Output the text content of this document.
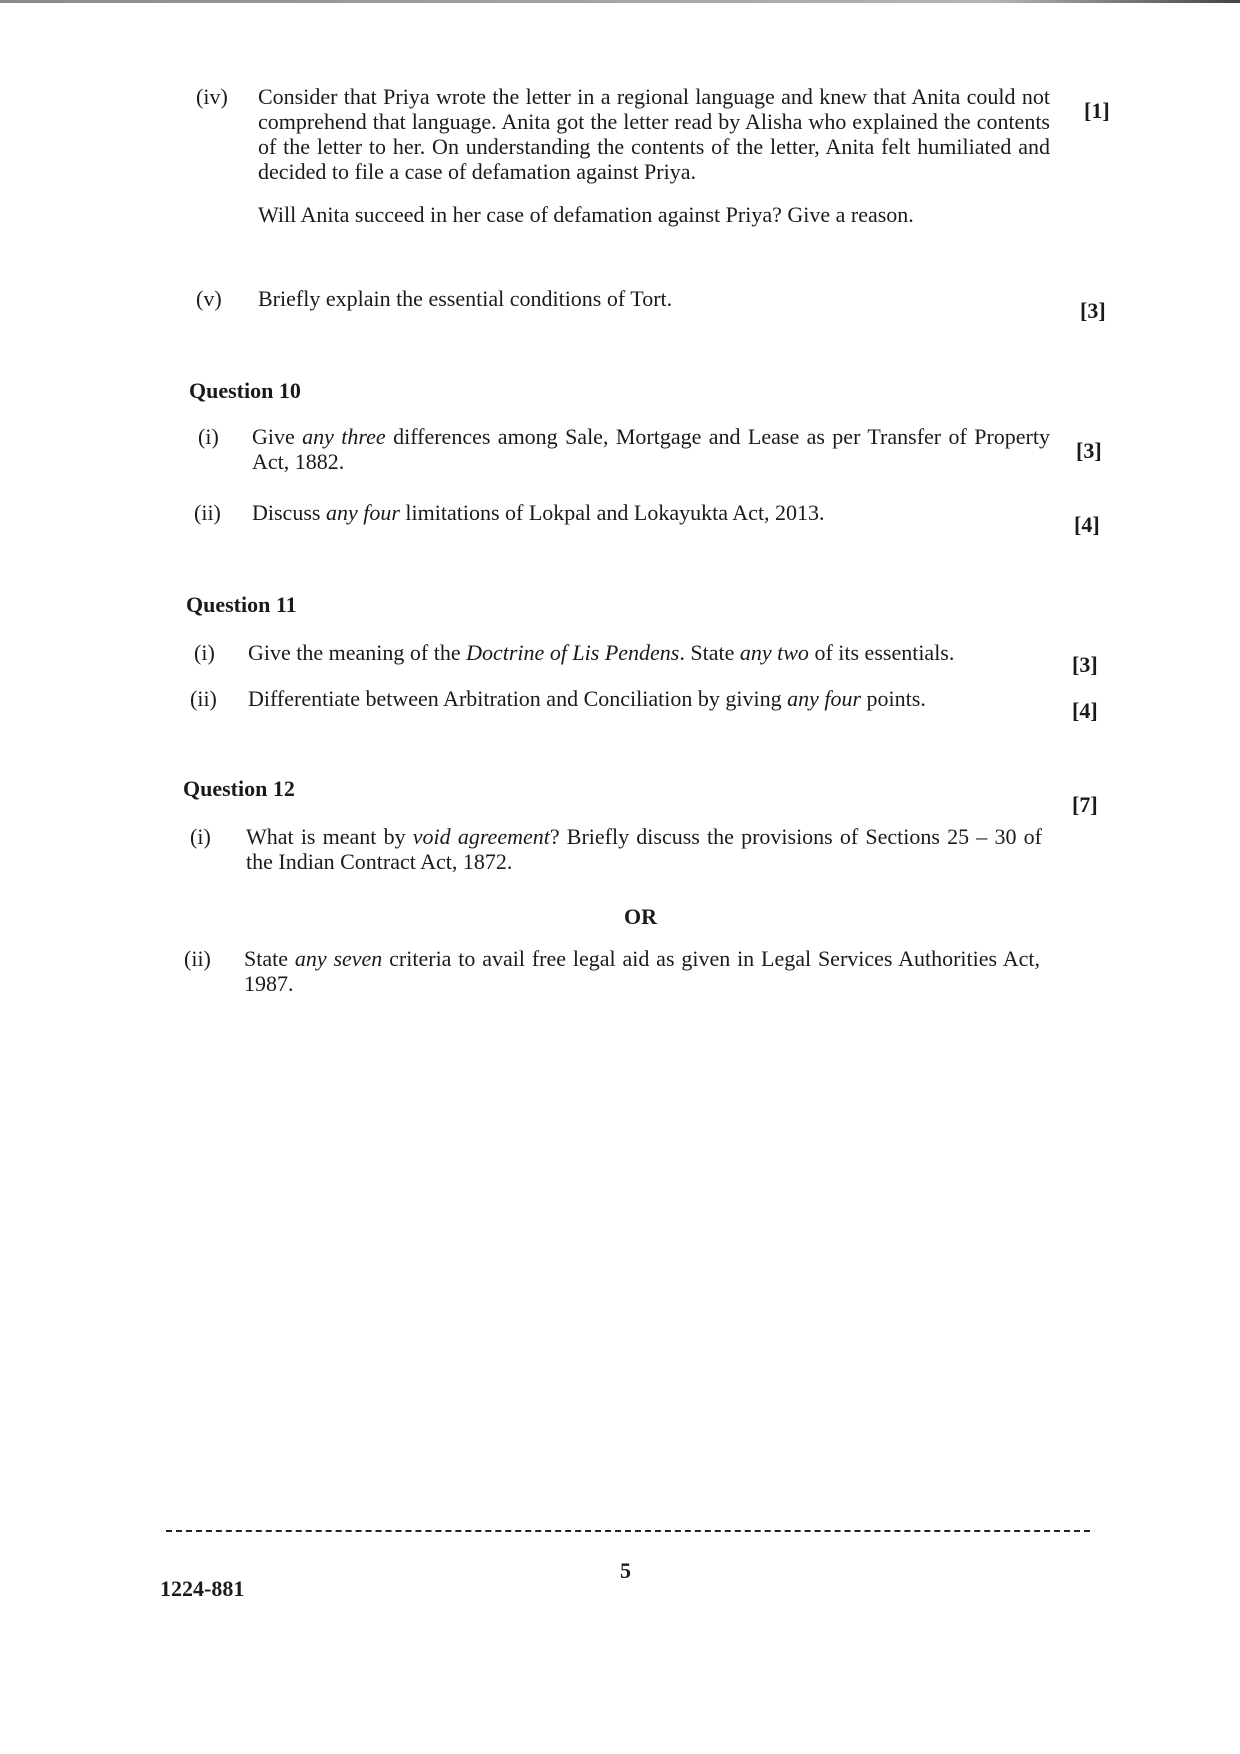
(iv) Consider that Priya wrote the letter in a regional language and knew that Anita could not comprehend that language. Anita got the letter read by Alisha who explained the contents of the letter to her. On understanding the contents of the letter, Anita felt humiliated and decided to file a case of defamation against Priya.
Will Anita succeed in her case of defamation against Priya? Give a reason.
[1]
(v) Briefly explain the essential conditions of Tort.	[3]
Question 10
(i) Give any three differences among Sale, Mortgage and Lease as per Transfer of Property Act, 1882.	[3]
(ii) Discuss any four limitations of Lokpal and Lokayukta Act, 2013.	[4]
Question 11
(i) Give the meaning of the Doctrine of Lis Pendens. State any two of its essentials.	[3]
(ii) Differentiate between Arbitration and Conciliation by giving any four points.	[4]
Question 12
[7]
(i) What is meant by void agreement? Briefly discuss the provisions of Sections 25 – 30 of the Indian Contract Act, 1872.
OR
(ii) State any seven criteria to avail free legal aid as given in Legal Services Authorities Act, 1987.
5
1224-881
